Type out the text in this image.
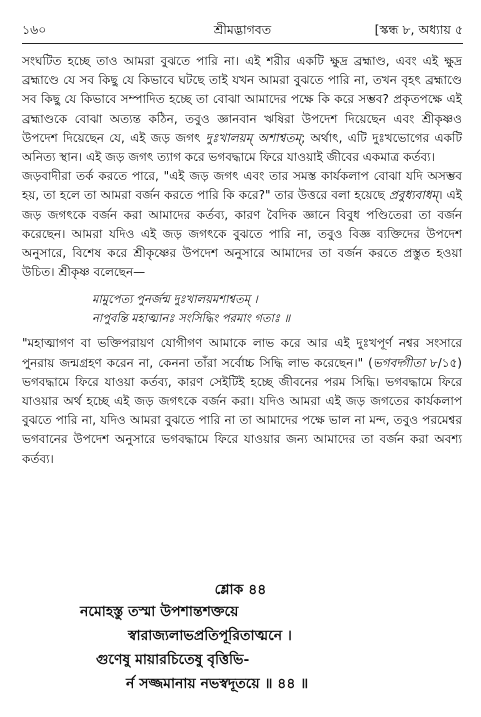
১৬০	শ্রীমদ্ভাগবত	[স্কন্ধ ৮, অধ্যায় ৫

সংঘটিত হচ্ছে তাও আমরা বুঝতে পারি না। এই শরীর একটি ক্ষুদ্র ব্রহ্মাণ্ড, এবং এই ক্ষুদ্র ব্রহ্মাণ্ডে যে সব কিছু যে কিভাবে ঘটছে তাই যখন আমরা বুঝতে পারি না, তখন বৃহৎ ব্রহ্মাণ্ডে সব কিছু যে কিভাবে সম্পাদিত হচ্ছে তা বোঝা আমাদের পক্ষে কি করে সম্ভব? প্রকৃতপক্ষে এই ব্রহ্মাণ্ডকে বোঝা অত্যন্ত কঠিন, তবুও জ্ঞানবান ঋষিরা উপদেশ দিয়েছেন এবং শ্রীকৃষ্ণও উপদেশ দিয়েছেন যে, এই জড় জগৎ দুঃখালয়ম্ অশাশ্বতম্; অর্থাৎ, এটি দুঃখভোগের একটি অনিত্য স্থান। এই জড় জগৎ ত্যাগ করে ভগবদ্ধামে ফিরে যাওয়াই জীবের একমাত্র কর্তব্য।

জড়বাদীরা তর্ক করতে পারে, "এই জড় জগৎ এবং তার সমস্ত কার্যকলাপ বোঝা যদি অসম্ভব হয়, তা হলে তা আমরা বর্জন করতে পারি কি করে?" তার উত্তরে বলা হয়েছে প্রবুধ্যবাধম্। এই জড় জগৎকে বর্জন করা আমাদের কর্তব্য, কারণ বৈদিক জ্ঞানে বিবুধ পণ্ডিতেরা তা বর্জন করেছেন। আমরা যদিও এই জড় জগৎকে বুঝতে পারি না, তবুও বিজ্ঞ ব্যক্তিদের উপদেশ অনুসারে, বিশেষ করে শ্রীকৃষ্ণের উপদেশ অনুসারে আমাদের তা বর্জন করতে প্রস্তুত হওয়া উচিত। শ্রীকৃষ্ণ বলেছেন—

মামুপেত্য পুনর্জন্ম দুঃখালয়মশাশ্বতম্ ।
নাপুবন্তি মহাত্মানঃ সংসিদ্ধিং পরমাং গতাঃ ॥

"মহাত্মাগণ বা ভক্তিপরায়ণ যোগীগণ আমাকে লাভ করে আর এই দুঃখপূর্ণ নশ্বর সংসারে পুনরায় জন্মগ্রহণ করেন না, কেননা তাঁরা সর্বোচ্চ সিদ্ধি লাভ করেছেন।" (ভগবদ্গীতা ৮/১৫) ভগবদ্ধামে ফিরে যাওয়া কর্তব্য, কারণ সেইটিই হচ্ছে জীবনের পরম সিদ্ধি। ভগবদ্ধামে ফিরে যাওয়ার অর্থ হচ্ছে এই জড় জগৎকে বর্জন করা। যদিও আমরা এই জড় জগতের কার্যকলাপ বুঝতে পারি না, যদিও আমরা বুঝতে পারি না তা আমাদের পক্ষে ভাল না মন্দ, তবুও পরমেশ্বর ভগবানের উপদেশ অনুসারে ভগবদ্ধামে ফিরে যাওয়ার জন্য আমাদের তা বর্জন করা অবশ্য কর্তব্য।

শ্লোক ৪৪
নমোহস্তু তস্মা উপশান্তশক্তয়ে
স্বারাজ্যলাভপ্রতিপূরিতাত্মনে ।
গুণেষু মায়ারচিতেষু বৃত্তিভি-
র্ন সজ্জমানায় নভস্বদূতয়ে ॥ ৪৪ ॥
